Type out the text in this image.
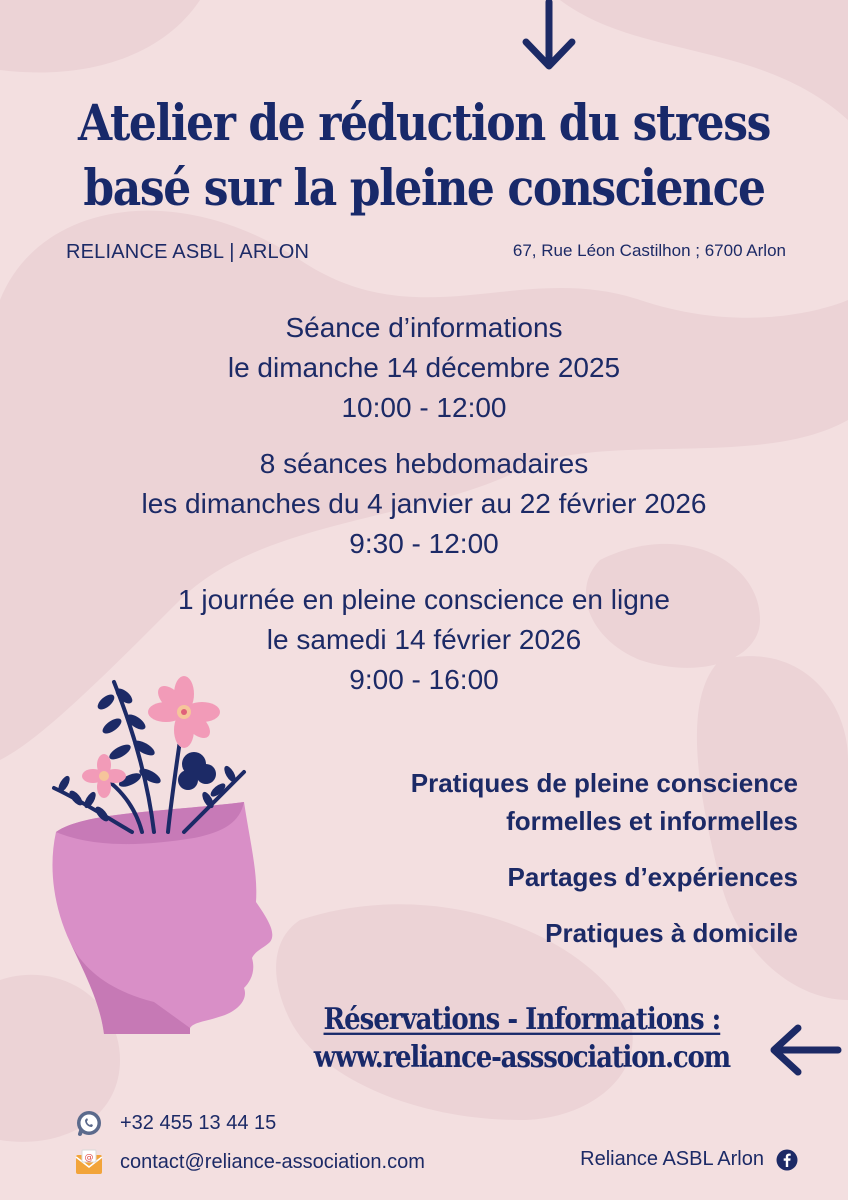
Atelier de réduction du stress
basé sur la pleine conscience
RELIANCE ASBL | ARLON	67, Rue Léon Castilhon ; 6700 Arlon
Séance d’informations
le dimanche 14 décembre 2025
10:00 - 12:00
8 séances hebdomadaires
les dimanches du 4 janvier au 22 février 2026
9:30 - 12:00
1 journée en pleine conscience en ligne
le samedi 14 février 2026
9:00 - 16:00
Pratiques de pleine conscience
formelles et informelles
Partages d’expériences
Pratiques à domicile
Réservations - Informations :
www.reliance-asssociation.com
+32 455 13 44 15
@ contact@reliance-association.com	Reliance ASBL Arlon
